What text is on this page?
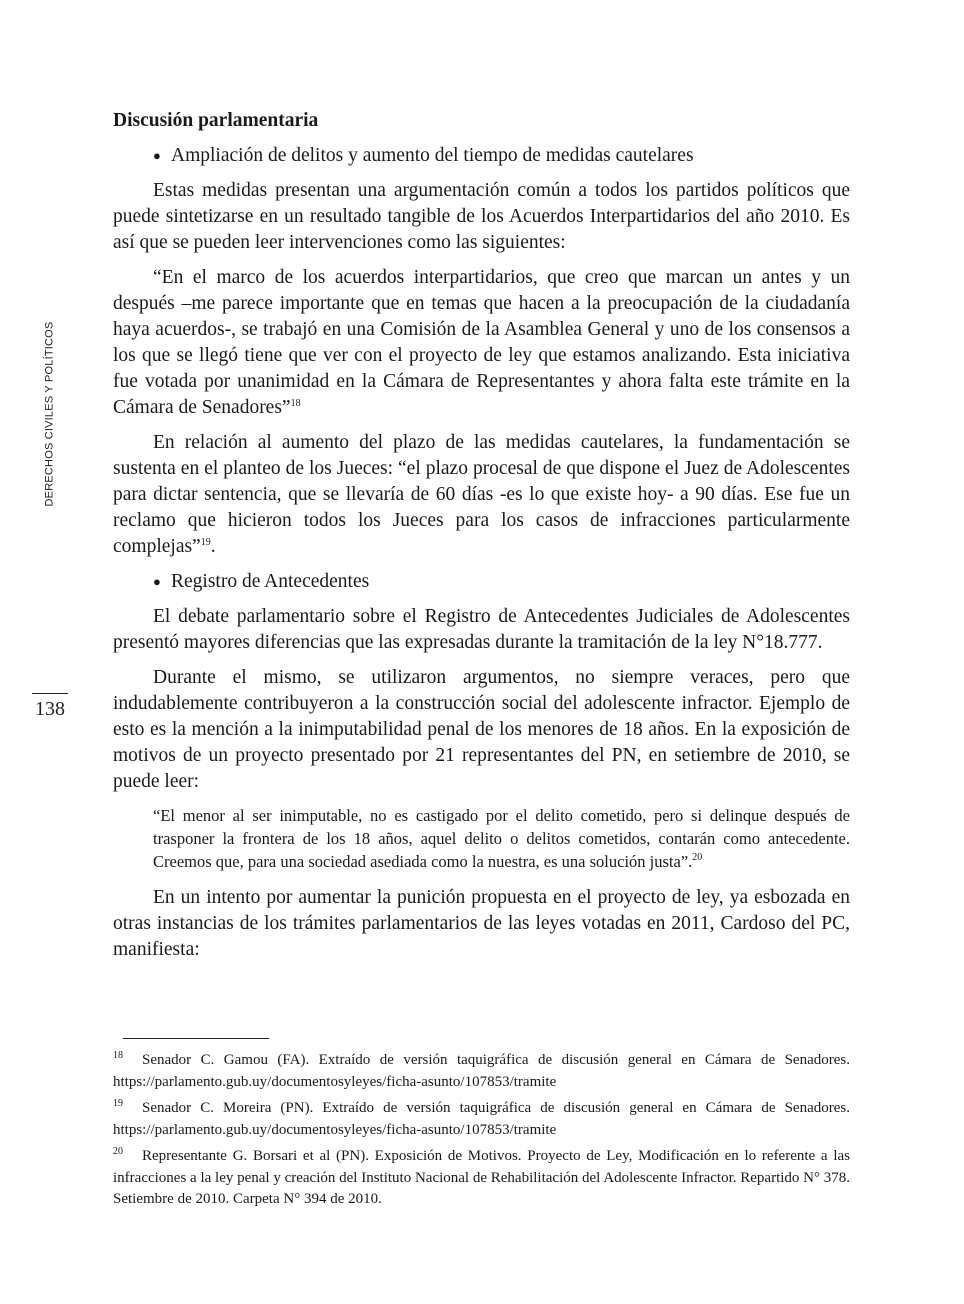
DERECHOS CIVILES Y POLÍTICOS
138
Discusión parlamentaria

● Ampliación de delitos y aumento del tiempo de medidas cautelares

Estas medidas presentan una argumentación común a todos los partidos políticos que puede sintetizarse en un resultado tangible de los Acuerdos Interpartidarios del año 2010. Es así que se pueden leer intervenciones como las siguientes:

“En el marco de los acuerdos interpartidarios, que creo que marcan un antes y un después –me parece importante que en temas que hacen a la preocupación de la ciudadanía haya acuerdos-, se trabajó en una Comisión de la Asamblea General y uno de los consensos a los que se llegó tiene que ver con el proyecto de ley que estamos analizando. Esta iniciativa fue votada por unanimidad en la Cámara de Representantes y ahora falta este trámite en la Cámara de Senadores”$^{18}$

En relación al aumento del plazo de las medidas cautelares, la fundamentación se sustenta en el planteo de los Jueces: “el plazo procesal de que dispone el Juez de Adolescentes para dictar sentencia, que se llevaría de 60 días -es lo que existe hoy- a 90 días. Ese fue un reclamo que hicieron todos los Jueces para los casos de infracciones particularmente complejas”$^{19}$.

● Registro de Antecedentes

El debate parlamentario sobre el Registro de Antecedentes Judiciales de Adolescentes presentó mayores diferencias que las expresadas durante la tramitación de la ley N°18.777.

Durante el mismo, se utilizaron argumentos, no siempre veraces, pero que indudablemente contribuyeron a la construcción social del adolescente infractor. Ejemplo de esto es la mención a la inimputabilidad penal de los menores de 18 años. En la exposición de motivos de un proyecto presentado por 21 representantes del PN, en setiembre de 2010, se puede leer:

“El menor al ser inimputable, no es castigado por el delito cometido, pero si delinque después de trasponer la frontera de los 18 años, aquel delito o delitos cometidos, contarán como antecedente. Creemos que, para una sociedad asediada como la nuestra, es una solución justa”.$^{20}$

En un intento por aumentar la punición propuesta en el proyecto de ley, ya esbozada en otras instancias de los trámites parlamentarios de las leyes votadas en 2011, Cardoso del PC, manifiesta:

18 Senador C. Gamou (FA). Extraído de versión taquigráfica de discusión general en Cámara de Senadores. https://parlamento.gub.uy/documentosyleyes/ficha-asunto/107853/tramite

19 Senador C. Moreira (PN). Extraído de versión taquigráfica de discusión general en Cámara de Senadores. https://parlamento.gub.uy/documentosyleyes/ficha-asunto/107853/tramite

20 Representante G. Borsari et al (PN). Exposición de Motivos. Proyecto de Ley, Modificación en lo referente a las infracciones a la ley penal y creación del Instituto Nacional de Rehabilitación del Adolescente Infractor. Repartido N° 378. Setiembre de 2010. Carpeta N° 394 de 2010.
